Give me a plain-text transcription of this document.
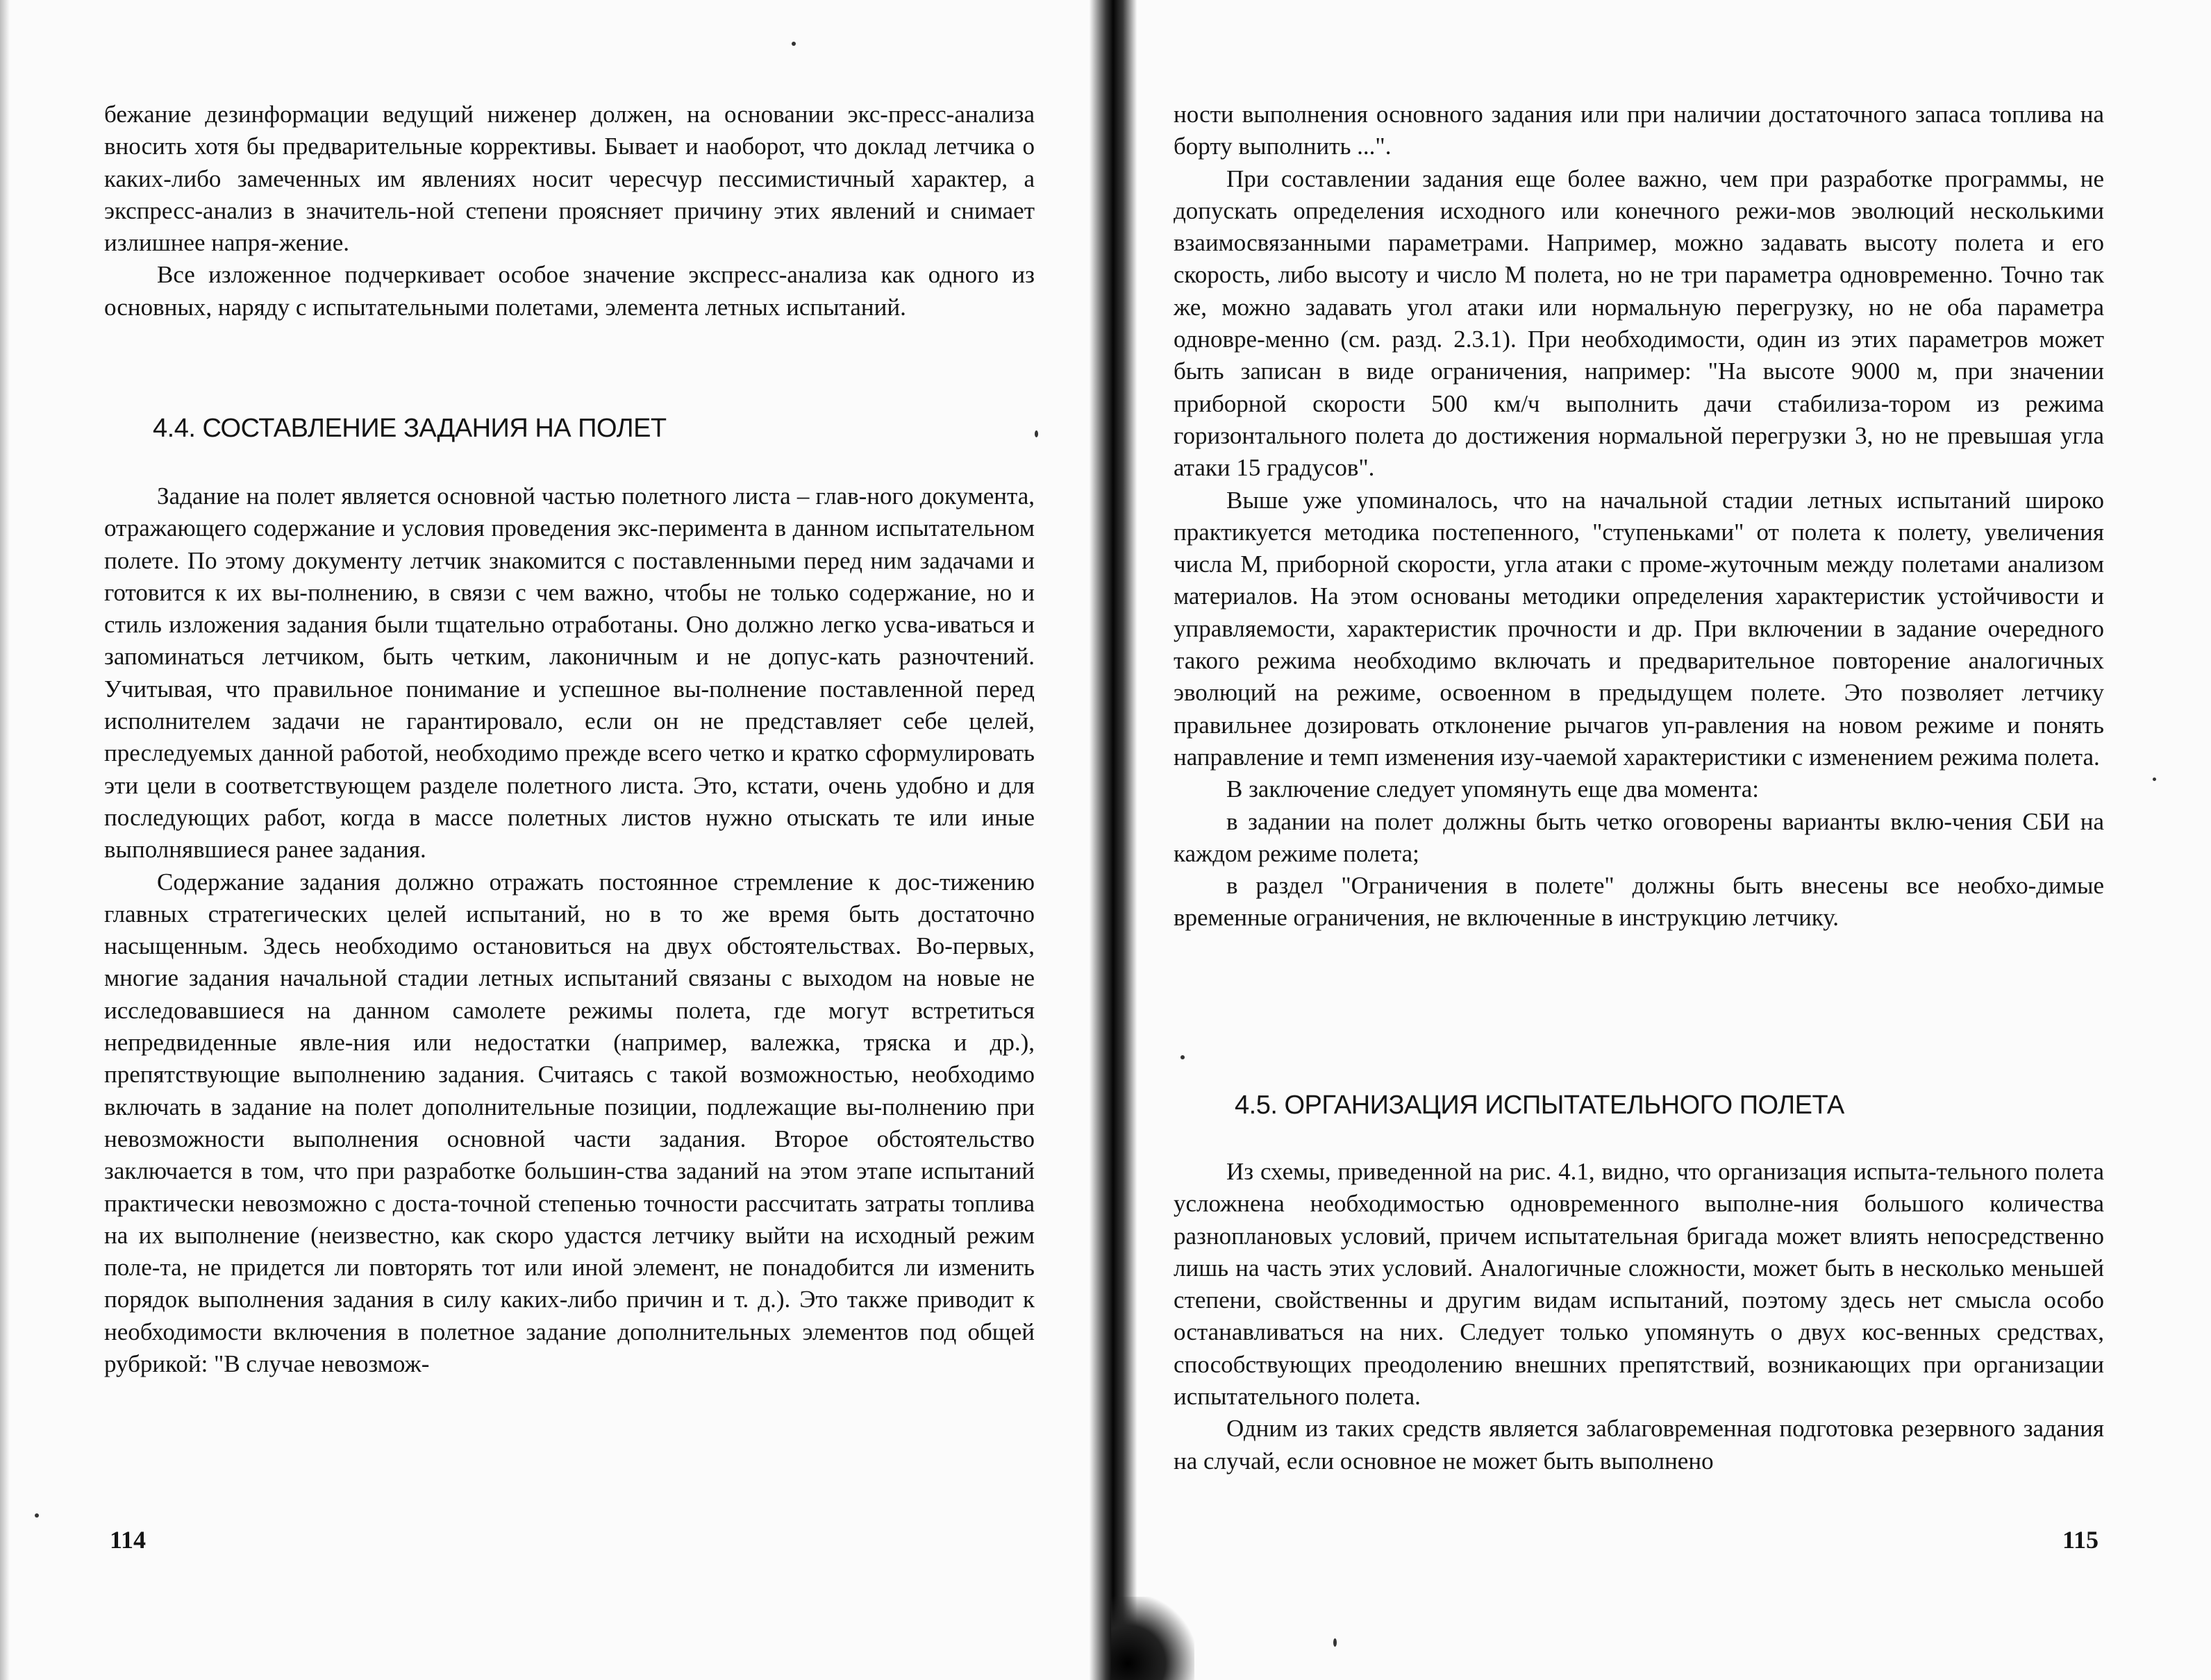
бежание дезинформации ведущий нижeнер должен, на основании экс-пресс-анализа вносить хотя бы предварительные коррективы. Бывает и наоборот, что доклад летчика о каких-либо замеченных им явлениях носит чересчур пессимистичный характер, а экспресс-анализ в значитель-ной степени проясняет причину этих явлений и снимает излишнее напря-жение.

Все изложенное подчеркивает особое значение экспресс-анализа как одного из основных, наряду с испытательными полетами, элемента летных испытаний.

4.4. СОСТАВЛЕНИЕ ЗАДАНИЯ НА ПОЛЕТ

Задание на полет является основной частью полетного листа – глав-ного документа, отражающего содержание и условия проведения экс-перимента в данном испытательном полете. По этому документу летчик знакомится с поставленными перед ним задачами и готовится к их вы-полнению, в связи с чем важно, чтобы не только содержание, но и стиль изложения задания были тщательно отработаны. Оно должно легко усва-иваться и запоминаться летчиком, быть четким, лаконичным и не допус-кать разночтений. Учитывая, что правильное понимание и успешное вы-полнение поставленной перед исполнителем задачи не гарантировало, если он не представляет себе целей, преследуемых данной работой, необходимо прежде всего четко и кратко сформулировать эти цели в соответствующем разделе полетного листа. Это, кстати, очень удобно и для последующих работ, когда в массе полетных листов нужно отыскать те или иные выполнявшиеся ранее задания.

Содержание задания должно отражать постоянное стремление к дос-тижению главных стратегических целей испытаний, но в то же время быть достаточно насыщенным. Здесь необходимо остановиться на двух обстоятельствах. Во-первых, многие задания начальной стадии летных испытаний связаны с выходом на новые не исследовавшиеся на данном самолете режимы полета, где могут встретиться непредвиденные явле-ния или недостатки (например, валежка, тряска и др.), препятствующие выполнению задания. Считаясь с такой возможностью, необходимо включать в задание на полет дополнительные позиции, подлежащие вы-полнению при невозможности выполнения основной части задания. Второе обстоятельство заключается в том, что при разработке большин-ства заданий на этом этапе испытаний практически невозможно с доста-точной степенью точности рассчитать затраты топлива на их выполнение (неизвестно, как скоро удастся летчику выйти на исходный режим поле-та, не придется ли повторять тот или иной элемент, не понадобится ли изменить порядок выполнения задания в силу каких-либо причин и т. д.). Это также приводит к необходимости включения в полетное задание дополнительных элементов под общей рубрикой: "В случае невозмож-

114

ности выполнения основного задания или при наличии достаточного запаса топлива на борту выполнить ...".

При составлении задания еще более важно, чем при разработке программы, не допускать определения исходного или конечного режи-мов эволюций несколькими взаимосвязанными параметрами. Например, можно задавать высоту полета и его скорость, либо высоту и число М полета, но не три параметра одновременно. Точно так же, можно задавать угол атаки или нормальную перегрузку, но не оба параметра одновре-менно (см. разд. 2.3.1). При необходимости, один из этих параметров может быть записан в виде ограничения, например: "На высоте 9000 м, при значении приборной скорости 500 км/ч выполнить дачи стабилиза-тором из режима горизонтального полета до достижения нормальной перегрузки 3, но не превышая угла атаки 15 градусов".

Выше уже упоминалось, что на начальной стадии летных испытаний широко практикуется методика постепенного, "ступеньками" от полета к полету, увеличения числа М, приборной скорости, угла атаки с проме-жуточным между полетами анализом материалов. На этом основаны методики определения характеристик устойчивости и управляемости, характеристик прочности и др. При включении в задание очередного такого режима необходимо включать и предварительное повторение аналогичных эволюций на режиме, освоенном в предыдущем полете. Это позволяет летчику правильнее дозировать отклонение рычагов уп-равления на новом режиме и понять направление и темп изменения изу-чаемой характеристики с изменением режима полета.

В заключение следует упомянуть еще два момента:

в задании на полет должны быть четко оговорены варианты вклю-чения СБИ на каждом режиме полета;

в раздел "Ограничения в полете" должны быть внесены все необхо-димые временные ограничения, не включенные в инструкцию летчику.

4.5. ОРГАНИЗАЦИЯ ИСПЫТАТЕЛЬНОГО ПОЛЕТА

Из схемы, приведенной на рис. 4.1, видно, что организация испыта-тельного полета усложнена необходимостью одновременного выполне-ния большого количества разноплановых условий, причем испытательная бригада может влиять непосредственно лишь на часть этих условий. Аналогичные сложности, может быть в несколько меньшей степени, свойственны и другим видам испытаний, поэтому здесь нет смысла особо останавливаться на них. Следует только упомянуть о двух кос-венных средствах, способствующих преодолению внешних препятствий, возникающих при организации испытательного полета.

Одним из таких средств является заблаговременная подготовка резервного задания на случай, если основное не может быть выполнено

115
